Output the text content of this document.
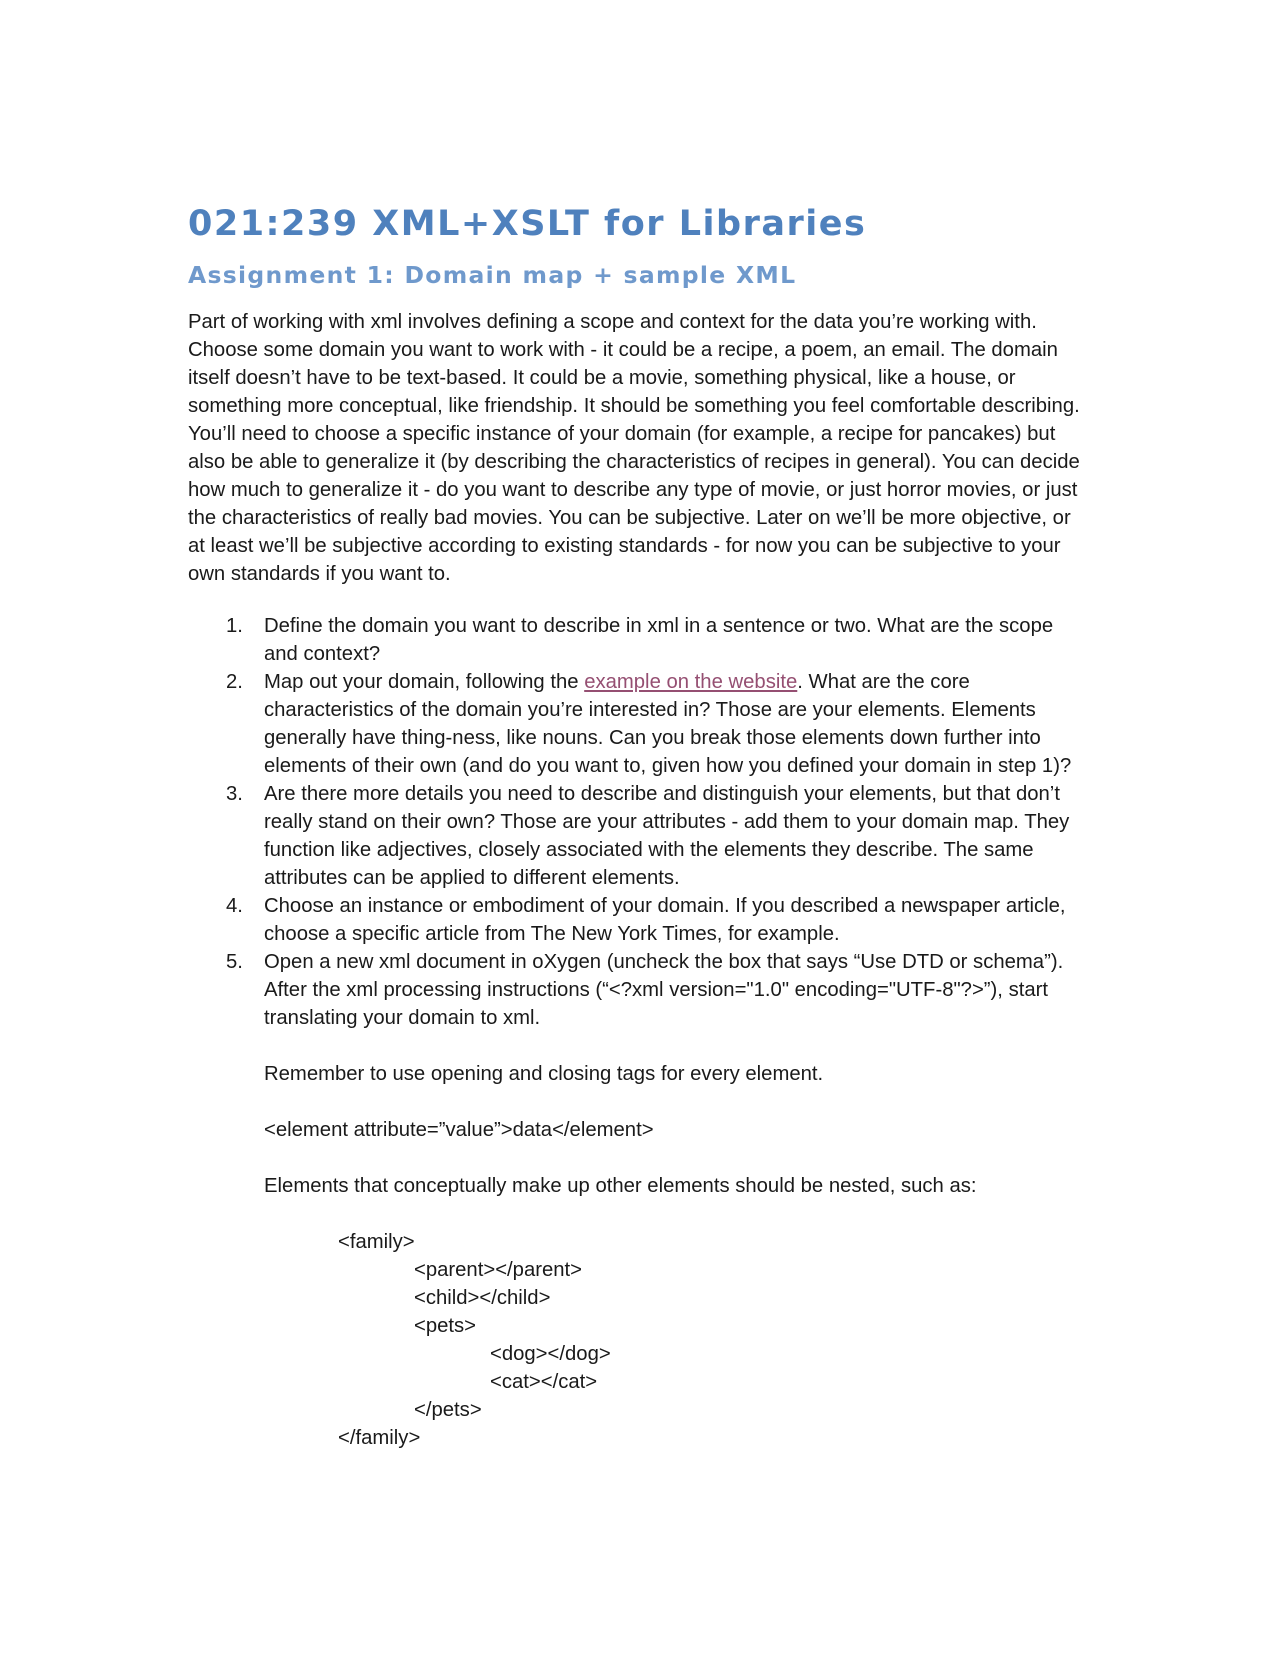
021:239 XML+XSLT for Libraries
Assignment 1: Domain map + sample XML

Part of working with xml involves defining a scope and context for the data you’re working with. Choose some domain you want to work with - it could be a recipe, a poem, an email. The domain itself doesn’t have to be text-based. It could be a movie, something physical, like a house, or something more conceptual, like friendship. It should be something you feel comfortable describing. You’ll need to choose a specific instance of your domain (for example, a recipe for pancakes) but also be able to generalize it (by describing the characteristics of recipes in general). You can decide how much to generalize it - do you want to describe any type of movie, or just horror movies, or just the characteristics of really bad movies. You can be subjective. Later on we’ll be more objective, or at least we’ll be subjective according to existing standards - for now you can be subjective to your own standards if you want to.

1. Define the domain you want to describe in xml in a sentence or two. What are the scope and context?
2. Map out your domain, following the example on the website. What are the core characteristics of the domain you’re interested in? Those are your elements. Elements generally have thing-ness, like nouns. Can you break those elements down further into elements of their own (and do you want to, given how you defined your domain in step 1)?
3. Are there more details you need to describe and distinguish your elements, but that don’t really stand on their own? Those are your attributes - add them to your domain map. They function like adjectives, closely associated with the elements they describe. The same attributes can be applied to different elements.
4. Choose an instance or embodiment of your domain. If you described a newspaper article, choose a specific article from The New York Times, for example.
5. Open a new xml document in oXygen (uncheck the box that says “Use DTD or schema”). After the xml processing instructions (“<?xml version="1.0" encoding="UTF-8"?>”), start translating your domain to xml.

Remember to use opening and closing tags for every element.

<element attribute=”value”>data</element>

Elements that conceptually make up other elements should be nested, such as:

<family>
<parent></parent>
<child></child>
<pets>
<dog></dog>
<cat></cat>
</pets>
</family>
